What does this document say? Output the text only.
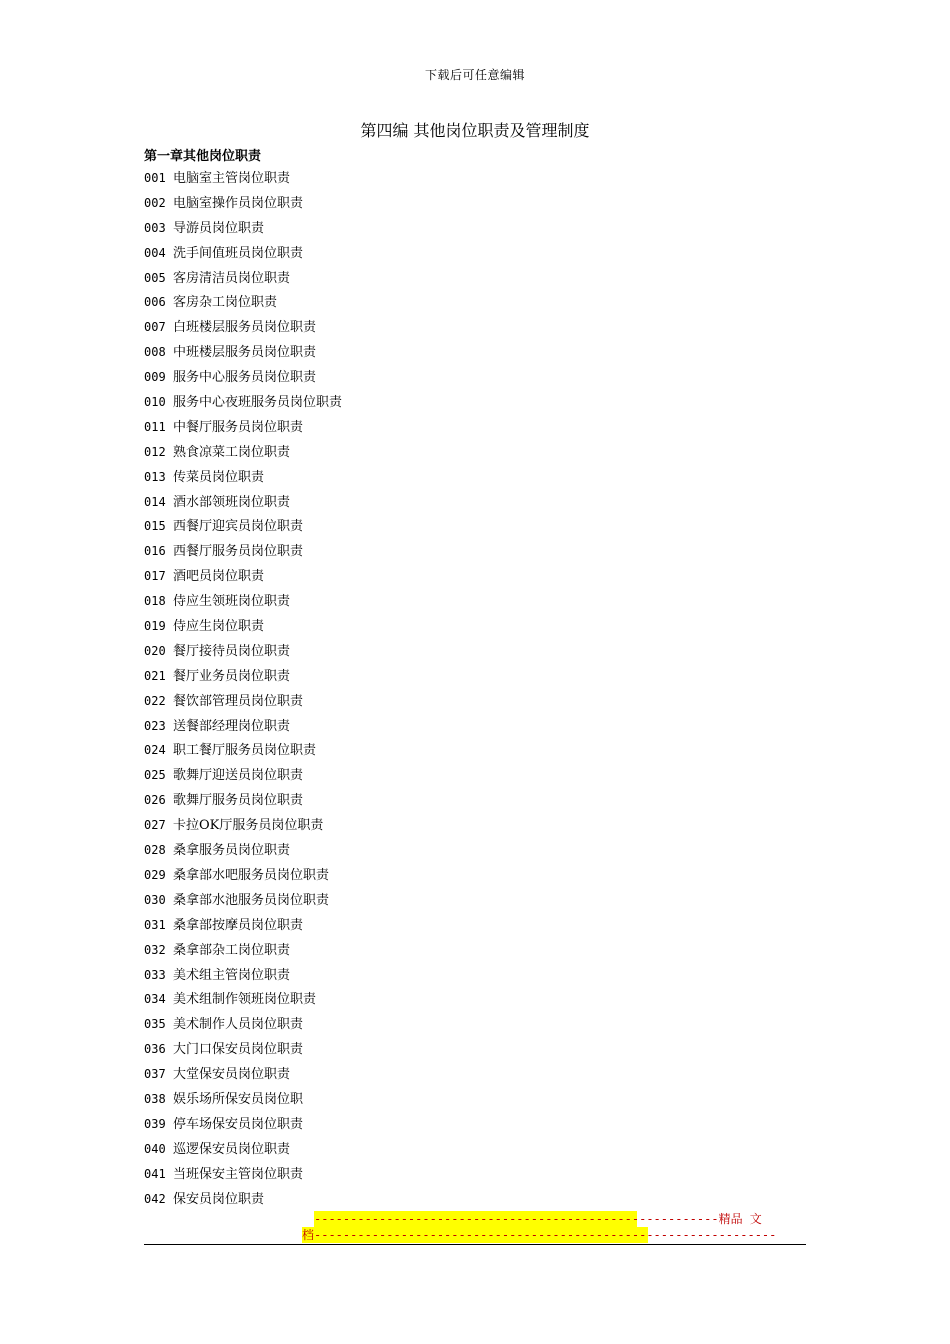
下载后可任意编辑
第四编 其他岗位职责及管理制度
第一章其他岗位职责
001 电脑室主管岗位职责
002 电脑室操作员岗位职责
003 导游员岗位职责
004 洗手间值班员岗位职责
005 客房清洁员岗位职责
006 客房杂工岗位职责
007 白班楼层服务员岗位职责
008 中班楼层服务员岗位职责
009 服务中心服务员岗位职责
010 服务中心夜班服务员岗位职责
011 中餐厅服务员岗位职责
012 熟食凉菜工岗位职责
013 传菜员岗位职责
014 酒水部领班岗位职责
015 西餐厅迎宾员岗位职责
016 西餐厅服务员岗位职责
017 酒吧员岗位职责
018 侍应生领班岗位职责
019 侍应生岗位职责
020 餐厅接待员岗位职责
021 餐厅业务员岗位职责
022 餐饮部管理员岗位职责
023 送餐部经理岗位职责
024 职工餐厅服务员岗位职责
025 歌舞厅迎送员岗位职责
026 歌舞厅服务员岗位职责
027 卡拉OK厅服务员岗位职责
028 桑拿服务员岗位职责
029 桑拿部水吧服务员岗位职责
030 桑拿部水池服务员岗位职责
031 桑拿部按摩员岗位职责
032 桑拿部杂工岗位职责
033 美术组主管岗位职责
034 美术组制作领班岗位职责
035 美术制作人员岗位职责
036 大门口保安员岗位职责
037 大堂保安员岗位职责
038 娱乐场所保安员岗位职
039 停车场保安员岗位职责
040 巡逻保安员岗位职责
041 当班保安主管岗位职责
042 保安员岗位职责
--------------------------------------------------------精品 文
档----------------------------------------------------------------
